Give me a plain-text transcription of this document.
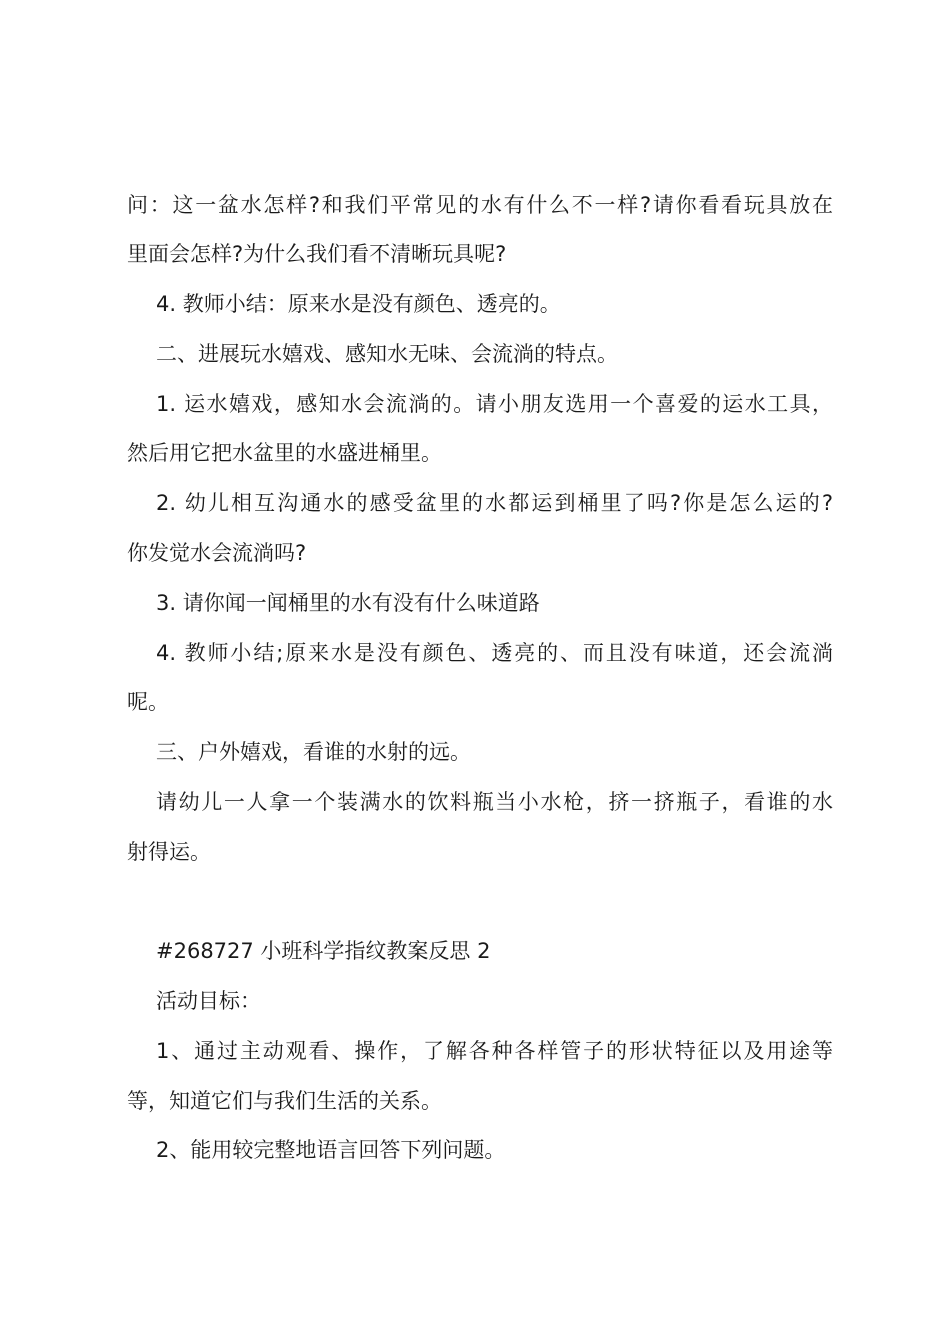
问：这一盆水怎样?和我们平常见的水有什么不一样?请你看看玩具放在
里面会怎样?为什么我们看不清晰玩具呢?
4. 教师小结：原来水是没有颜色、透亮的。
二、进展玩水嬉戏、感知水无味、会流淌的特点。
1. 运水嬉戏，感知水会流淌的。请小朋友选用一个喜爱的运水工具，
然后用它把水盆里的水盛进桶里。
2. 幼儿相互沟通水的感受盆里的水都运到桶里了吗?你是怎么运的?
你发觉水会流淌吗?
3. 请你闻一闻桶里的水有没有什么味道路
4. 教师小结;原来水是没有颜色、透亮的、而且没有味道，还会流淌
呢。
三、户外嬉戏，看谁的水射的远。
请幼儿一人拿一个装满水的饮料瓶当小水枪，挤一挤瓶子，看谁的水
射得运。
#268727 小班科学指纹教案反思 2
活动目标：
1、通过主动观看、操作，了解各种各样管子的形状特征以及用途等
等，知道它们与我们生活的关系。
2、能用较完整地语言回答下列问题。
